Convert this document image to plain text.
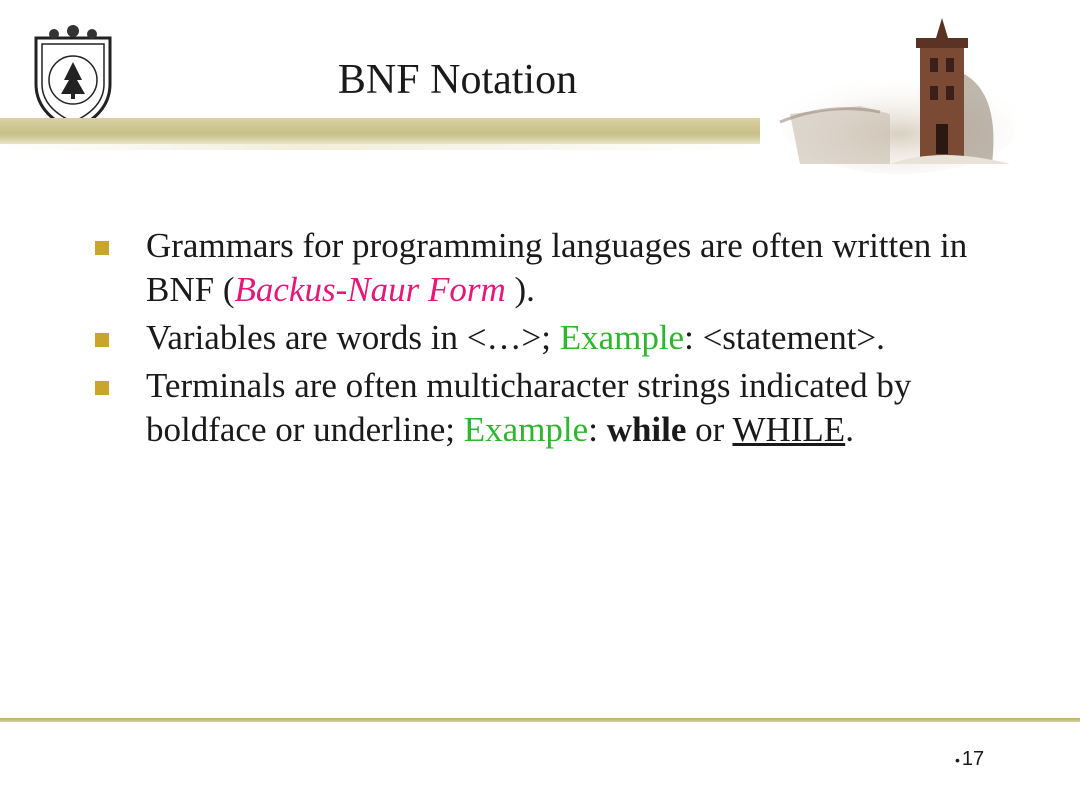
BNF Notation
Grammars for programming languages are often written in BNF (Backus-Naur Form ).
Variables are words in <…>; Example: <statement>.
Terminals are often multicharacter strings indicated by boldface or underline; Example: while or WHILE.
• 17
